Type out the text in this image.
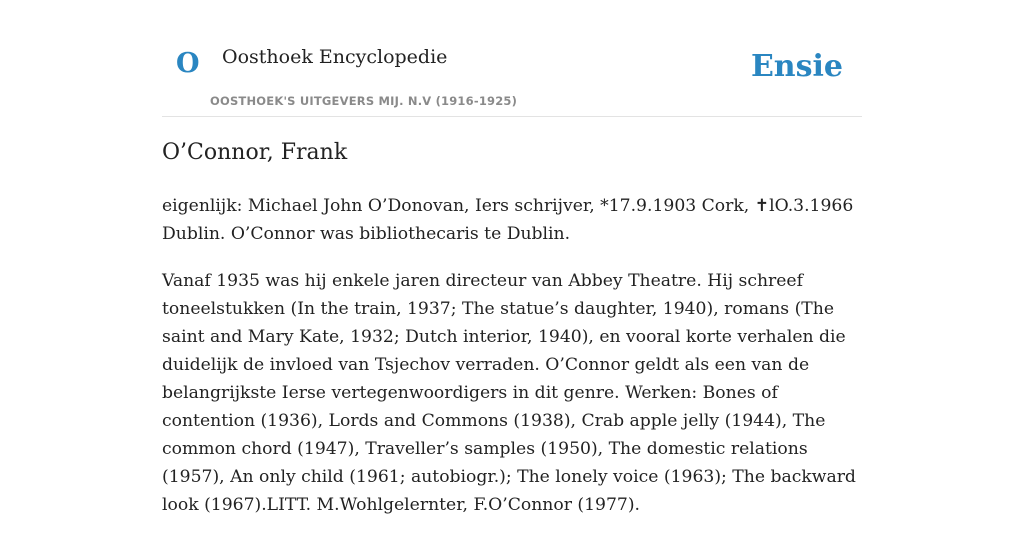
O Oosthoek Encyclopedie
OOSTHOEK'S UITGEVERS MIJ. N.V (1916-1925)
Ensie
O’Connor, Frank

eigenlijk: Michael John O’Donovan, Iers schrijver, *17.9.1903 Cork, ✝lO.3.1966 Dublin. O’Connor was bibliothecaris te Dublin.

Vanaf 1935 was hij enkele jaren directeur van Abbey Theatre. Hij schreef toneelstukken (In the train, 1937; The statue’s daughter, 1940), romans (The saint and Mary Kate, 1932; Dutch interior, 1940), en vooral korte verhalen die duidelijk de invloed van Tsjechov verraden. O’Connor geldt als een van de belangrijkste Ierse vertegenwoordigers in dit genre. Werken: Bones of contention (1936), Lords and Commons (1938), Crab apple jelly (1944), The common chord (1947), Traveller’s samples (1950), The domestic relations (1957), An only child (1961; autobiogr.); The lonely voice (1963); The backward look (1967).LITT. M.Wohlgelernter, F.O’Connor (1977).
